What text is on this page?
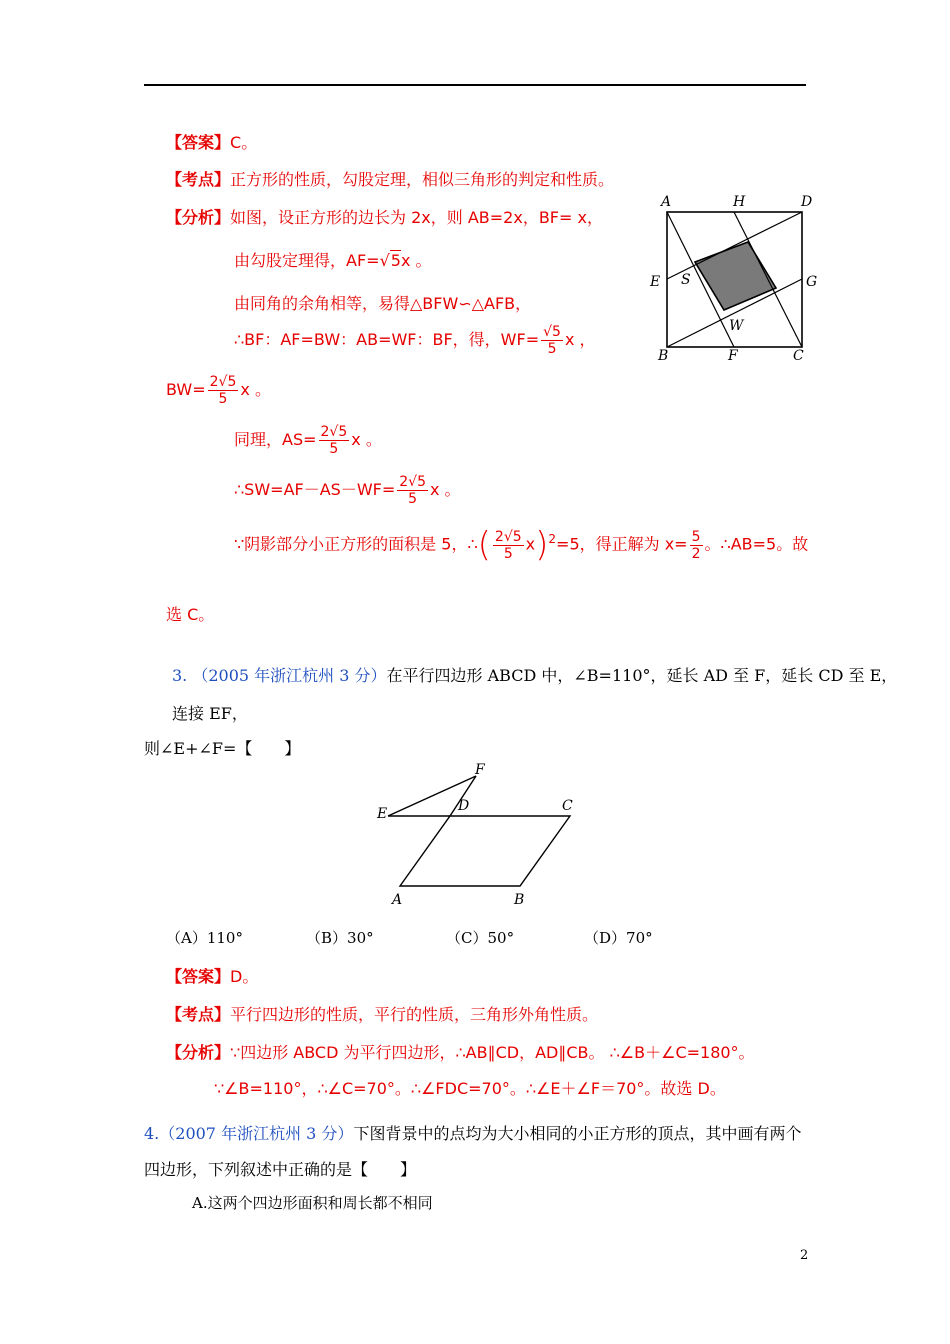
【答案】C。
【考点】正方形的性质，勾股定理，相似三角形的判定和性质。
【分析】如图，设正方形的边长为 2x，则 AB=2x，BF= x，
由勾股定理得，AF=√5x 。
由同角的余角相等，易得△BFW∽△AFB，
∴BF：AF=BW：AB=WF：BF，得，$WF= \frac{√5}{5}$ x ，
$BW= \frac{2√5}{5}$ x 。
同理，$AS= \frac{2√5}{5}$ x 。
∴SW=AF－AS－WF= $\frac{2√5}{5}$ x 。
∵阴影部分小正方形的面积是 5，∴( $\frac{2√5}{5} x)^2=5$，得正解为 $x= \frac{5}{2}$ 。∴AB=5。故
选 C。
A	H	D
E S	G
W
B	F	C
3. （2005 年浙江杭州 3 分）在平行四边形 ABCD 中，∠B=110°，延长 AD 至 F，延长 CD 至 E，
连接 EF，
则∠E+∠F=【　　】
F
E	D	C
A	B
（A）110°	（B）30°	（C）50°	（D）70°
【答案】D。
【考点】平行四边形的性质，平行的性质，三角形外角性质。
【分析】∵四边形 ABCD 为平行四边形，∴AB∥CD，AD∥CB。 ∴∠B＋∠C=180°。
∵∠B=110°，∴∠C=70°。∴∠FDC=70°。∴∠E＋∠F＝70°。故选 D。
4.（2007 年浙江杭州 3 分）下图背景中的点均为大小相同的小正方形的顶点，其中画有两个
四边形，下列叙述中正确的是【　　】
A.这两个四边形面积和周长都不相同
2
